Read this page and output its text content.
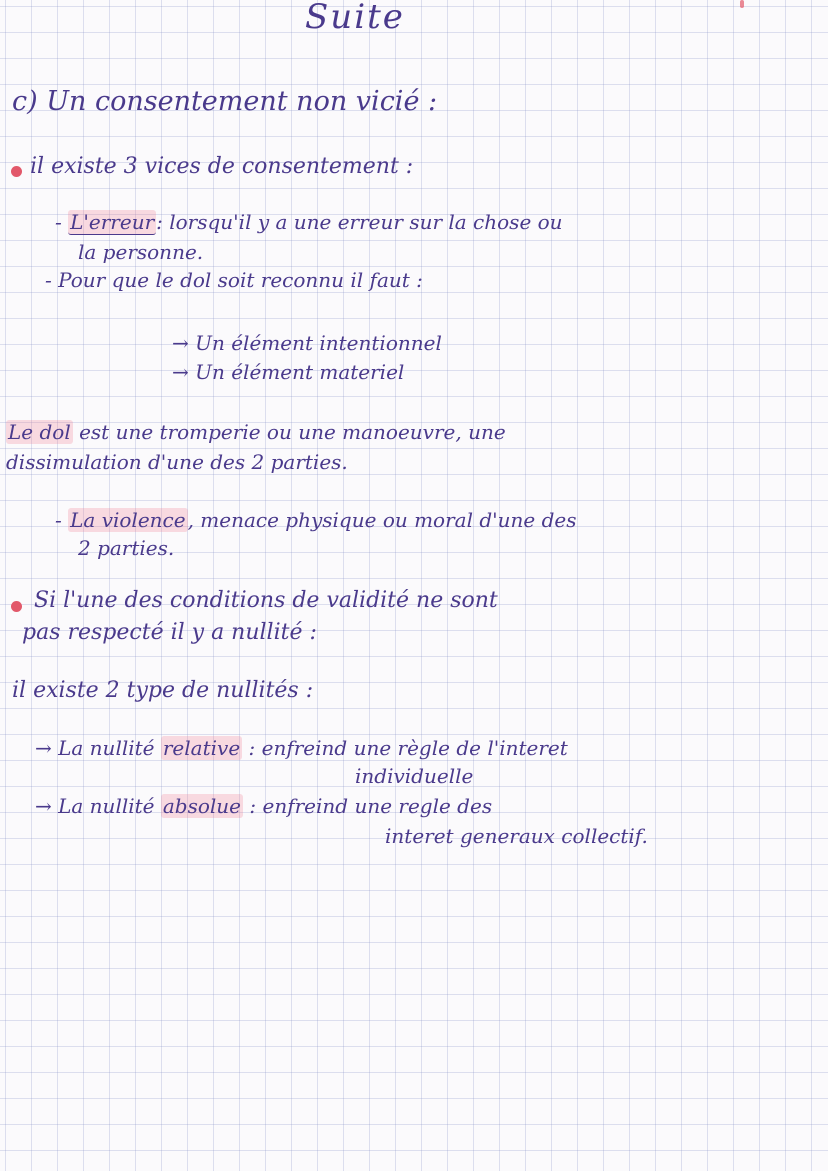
Suite
c) Un consentement non vicié :
il existe 3 vices de consentement :
- L'erreur : lorsqu'il y a une erreur sur la chose ou
la personne.
- Pour que le dol soit reconnu il faut :
→ Un élément intentionnel
→ Un élément materiel
Le dol est une tromperie ou une manoeuvre, une
dissimulation d'une des 2 parties.
- La violence , menace physique ou moral d'une des
2 parties.
Si l'une des conditions de validité ne sont
pas respecté il y a nullité :
il existe 2 type de nullités :
→ La nullité relative : enfreind une règle de l'interet
individuelle
→ La nullité absolue : enfreind une regle des
interet generaux collectif.
